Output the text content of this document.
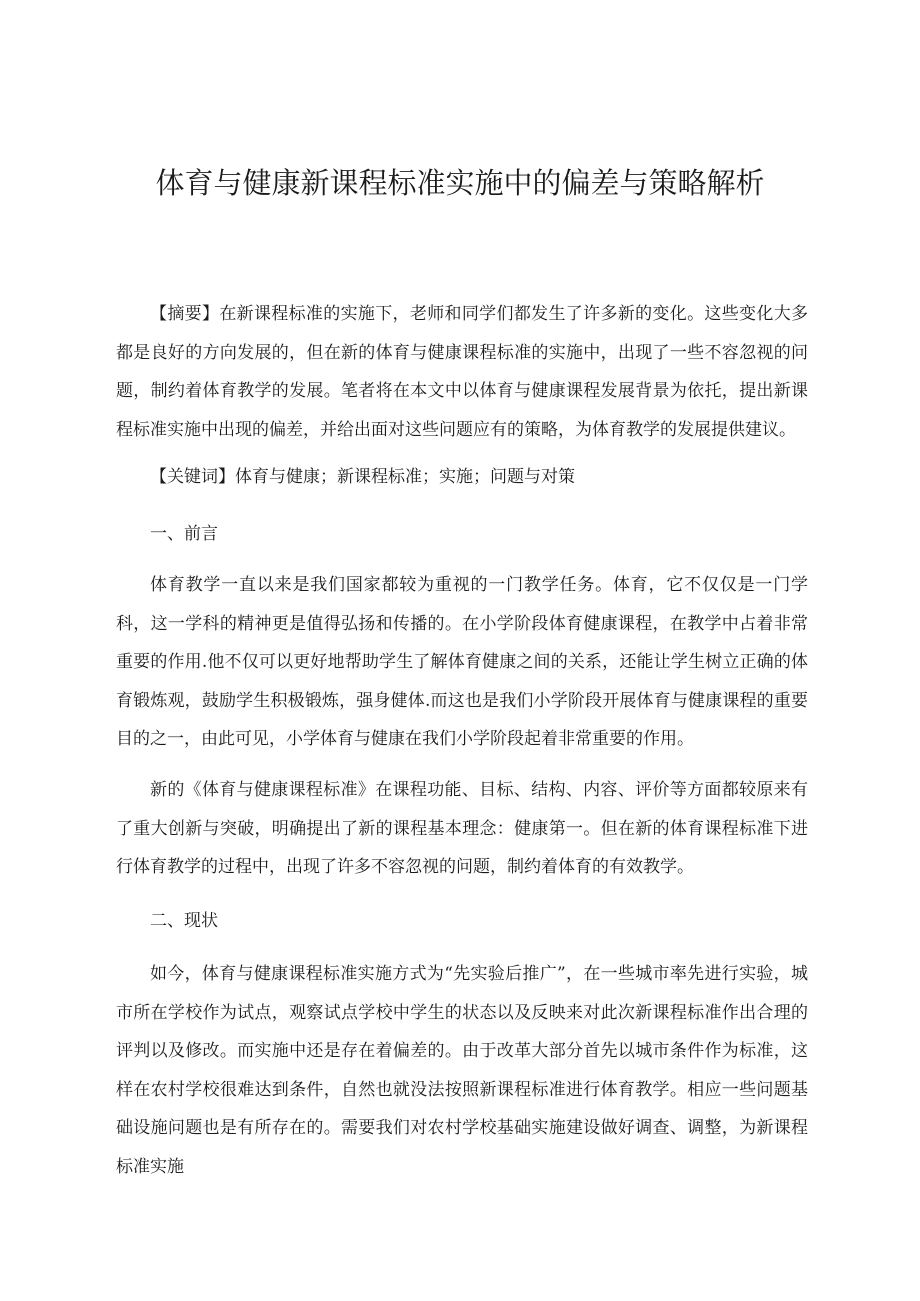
体育与健康新课程标准实施中的偏差与策略解析

【摘要】在新课程标准的实施下，老师和同学们都发生了许多新的变化。这些变化大多都是良好的方向发展的，但在新的体育与健康课程标准的实施中，出现了一些不容忽视的问题，制约着体育教学的发展。笔者将在本文中以体育与健康课程发展背景为依托，提出新课程标准实施中出现的偏差，并给出面对这些问题应有的策略，为体育教学的发展提供建议。

【关键词】体育与健康；新课程标准；实施；问题与对策

一、前言

体育教学一直以来是我们国家都较为重视的一门教学任务。体育，它不仅仅是一门学科，这一学科的精神更是值得弘扬和传播的。在小学阶段体育健康课程，在教学中占着非常重要的作用.他不仅可以更好地帮助学生了解体育健康之间的关系，还能让学生树立正确的体育锻炼观，鼓励学生积极锻炼，强身健体.而这也是我们小学阶段开展体育与健康课程的重要目的之一，由此可见，小学体育与健康在我们小学阶段起着非常重要的作用。

新的《体育与健康课程标准》在课程功能、目标、结构、内容、评价等方面都较原来有了重大创新与突破，明确提出了新的课程基本理念：健康第一。但在新的体育课程标准下进行体育教学的过程中，出现了许多不容忽视的问题，制约着体育的有效教学。

二、现状

如今，体育与健康课程标准实施方式为“先实验后推广”，在一些城市率先进行实验，城市所在学校作为试点，观察试点学校中学生的状态以及反映来对此次新课程标准作出合理的评判以及修改。而实施中还是存在着偏差的。由于改革大部分首先以城市条件作为标准，这样在农村学校很难达到条件，自然也就没法按照新课程标准进行体育教学。相应一些问题基础设施问题也是有所存在的。需要我们对农村学校基础实施建设做好调查、调整，为新课程标准实施
